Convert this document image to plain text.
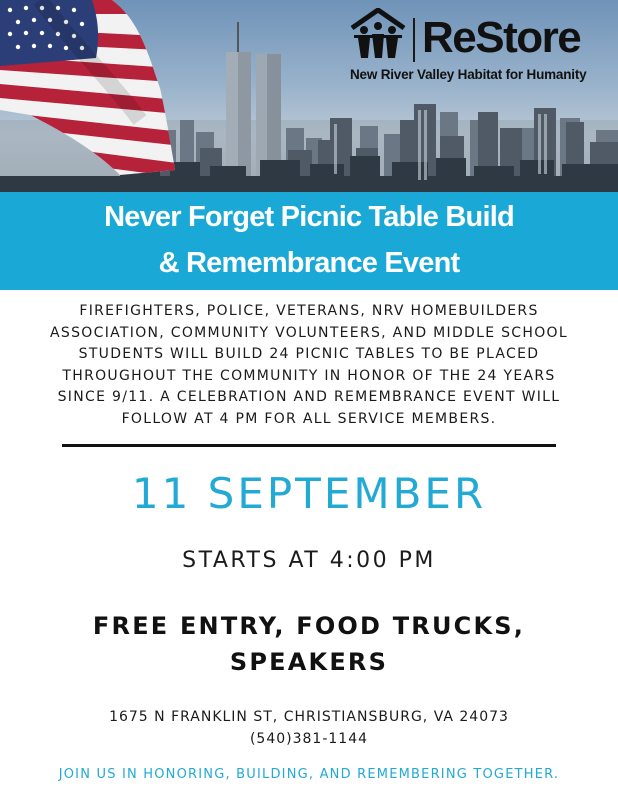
ReStore
New River Valley Habitat for Humanity
Never Forget Picnic Table Build
& Remembrance Event
FIREFIGHTERS, POLICE, VETERANS, NRV HOMEBUILDERS
ASSOCIATION, COMMUNITY VOLUNTEERS, AND MIDDLE SCHOOL
STUDENTS WILL BUILD 24 PICNIC TABLES TO BE PLACED
THROUGHOUT THE COMMUNITY IN HONOR OF THE 24 YEARS
SINCE 9/11. A CELEBRATION AND REMEMBRANCE EVENT WILL
FOLLOW AT 4 PM FOR ALL SERVICE MEMBERS.
11 SEPTEMBER
STARTS AT 4:00 PM
FREE ENTRY, FOOD TRUCKS,
SPEAKERS
1675 N FRANKLIN ST, CHRISTIANSBURG, VA 24073
(540)381-1144
JOIN US IN HONORING, BUILDING, AND REMEMBERING TOGETHER.
